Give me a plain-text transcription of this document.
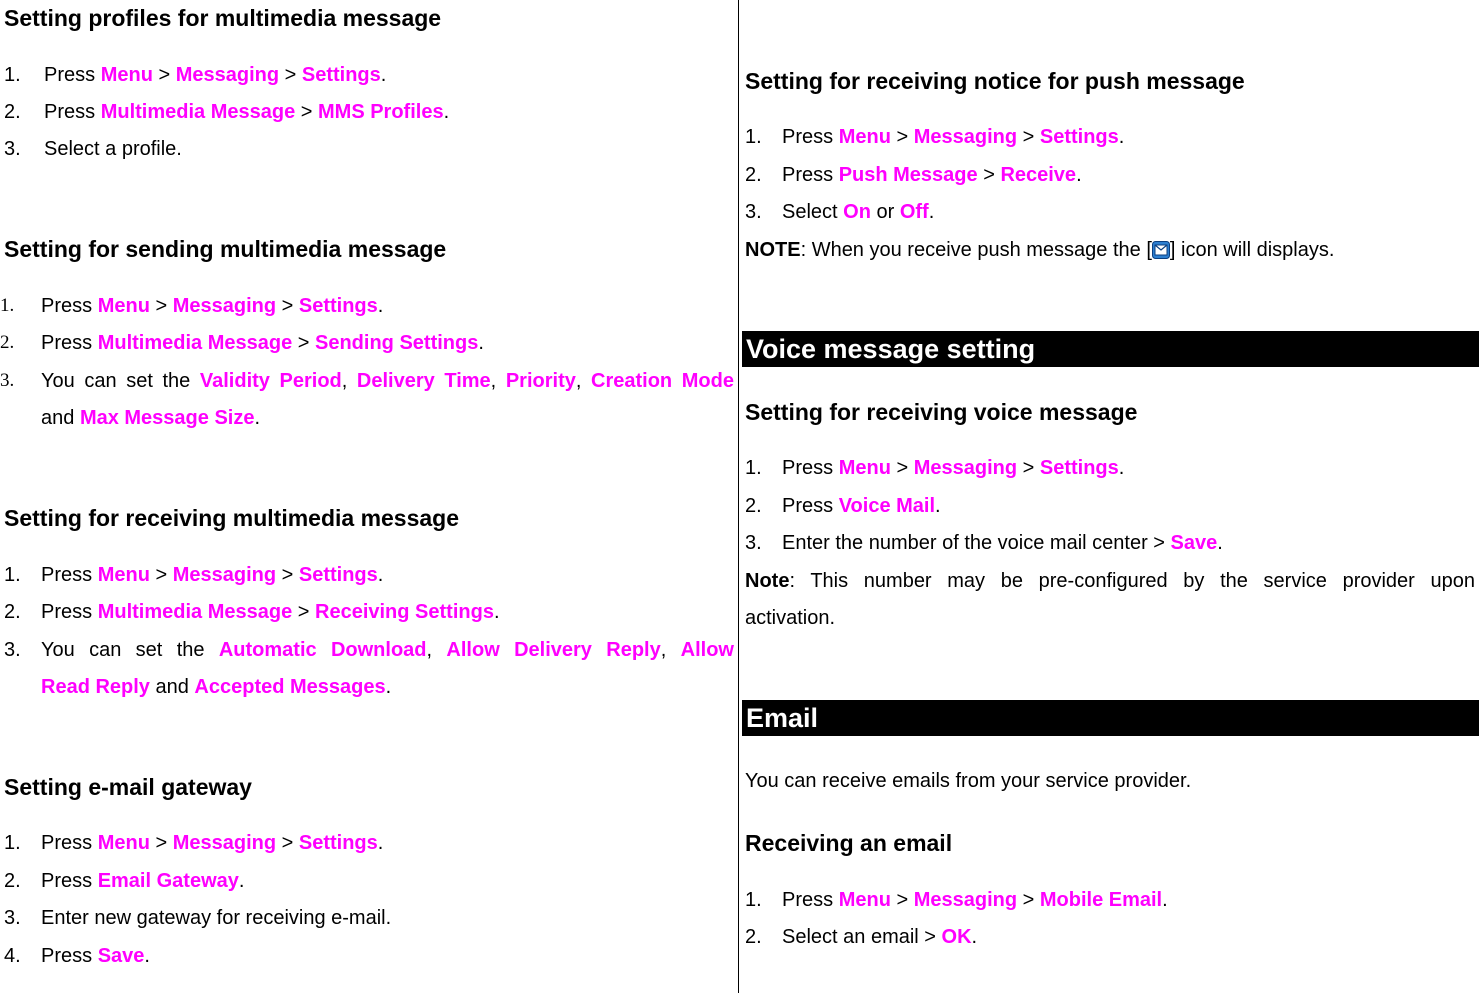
Setting profiles for multimedia message
1. Press Menu > Messaging > Settings.
2. Press Multimedia Message > MMS Profiles.
3. Select a profile.
Setting for sending multimedia message
1. Press Menu > Messaging > Settings.
2. Press Multimedia Message > Sending Settings.
3. You can set the Validity Period, Delivery Time, Priority, Creation Mode
and Max Message Size.
Setting for receiving multimedia message
1. Press Menu > Messaging > Settings.
2. Press Multimedia Message > Receiving Settings.
3. You can set the Automatic Download, Allow Delivery Reply, Allow
Read Reply and Accepted Messages.
Setting e-mail gateway
1. Press Menu > Messaging > Settings.
2. Press Email Gateway.
3. Enter new gateway for receiving e-mail.
4. Press Save.
Setting for receiving notice for push message
1. Press Menu > Messaging > Settings.
2. Press Push Message > Receive.
3. Select On or Off.
NOTE: When you receive push message the [ ] icon will displays.
Voice message setting
Setting for receiving voice message
1. Press Menu > Messaging > Settings.
2. Press Voice Mail.
3. Enter the number of the voice mail center > Save.
Note: This number may be pre-configured by the service provider upon
activation.
Email
You can receive emails from your service provider.
Receiving an email
1. Press Menu > Messaging > Mobile Email.
2. Select an email > OK.
